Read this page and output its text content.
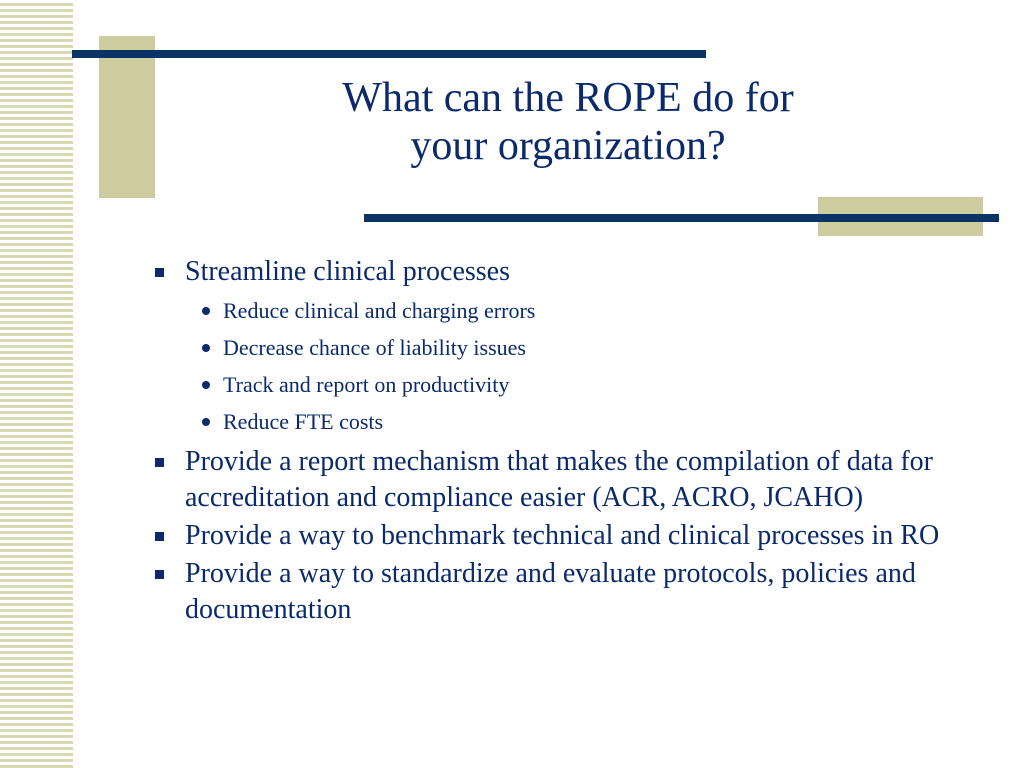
What can the ROPE do for
your organization?
Streamline clinical processes
Reduce clinical and charging errors
Decrease chance of liability issues
Track and report on productivity
Reduce FTE costs
Provide a report mechanism that makes the compilation of data for accreditation and compliance easier (ACR, ACRO, JCAHO)
Provide a way to benchmark technical and clinical processes in RO
Provide a way to standardize and evaluate protocols, policies and documentation
